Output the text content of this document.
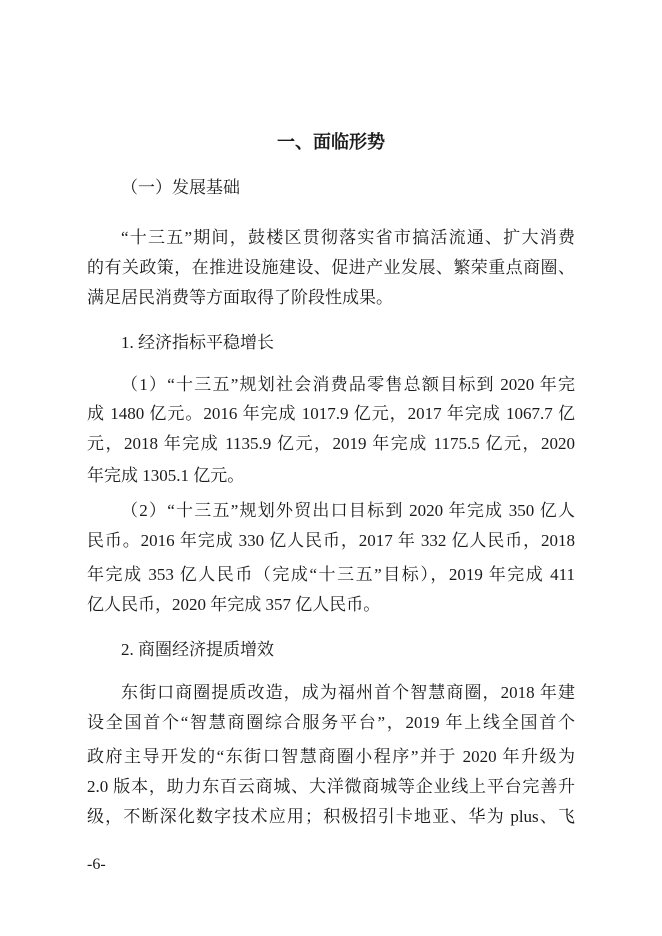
一、面临形势
（一）发展基础
“十三五”期间，鼓楼区贯彻落实省市搞活流通、扩大消费
的有关政策，在推进设施建设、促进产业发展、繁荣重点商圈、
满足居民消费等方面取得了阶段性成果。
1. 经济指标平稳增长
（1）“十三五”规划社会消费品零售总额目标到 2020 年完
成 1480 亿元。2016 年完成 1017.9 亿元，2017 年完成 1067.7 亿
元，2018 年完成 1135.9 亿元，2019 年完成 1175.5 亿元，2020
年完成 1305.1 亿元。
（2）“十三五”规划外贸出口目标到 2020 年完成 350 亿人
民币。2016 年完成 330 亿人民币，2017 年 332 亿人民币，2018
年完成 353 亿人民币（完成“十三五”目标），2019 年完成 411
亿人民币，2020 年完成 357 亿人民币。
2. 商圈经济提质增效
东街口商圈提质改造，成为福州首个智慧商圈，2018 年建
设全国首个“智慧商圈综合服务平台”，2019 年上线全国首个
政府主导开发的“东街口智慧商圈小程序”并于 2020 年升级为
2.0 版本，助力东百云商城、大洋微商城等企业线上平台完善升
级，不断深化数字技术应用；积极招引卡地亚、华为 plus、飞
-6-
